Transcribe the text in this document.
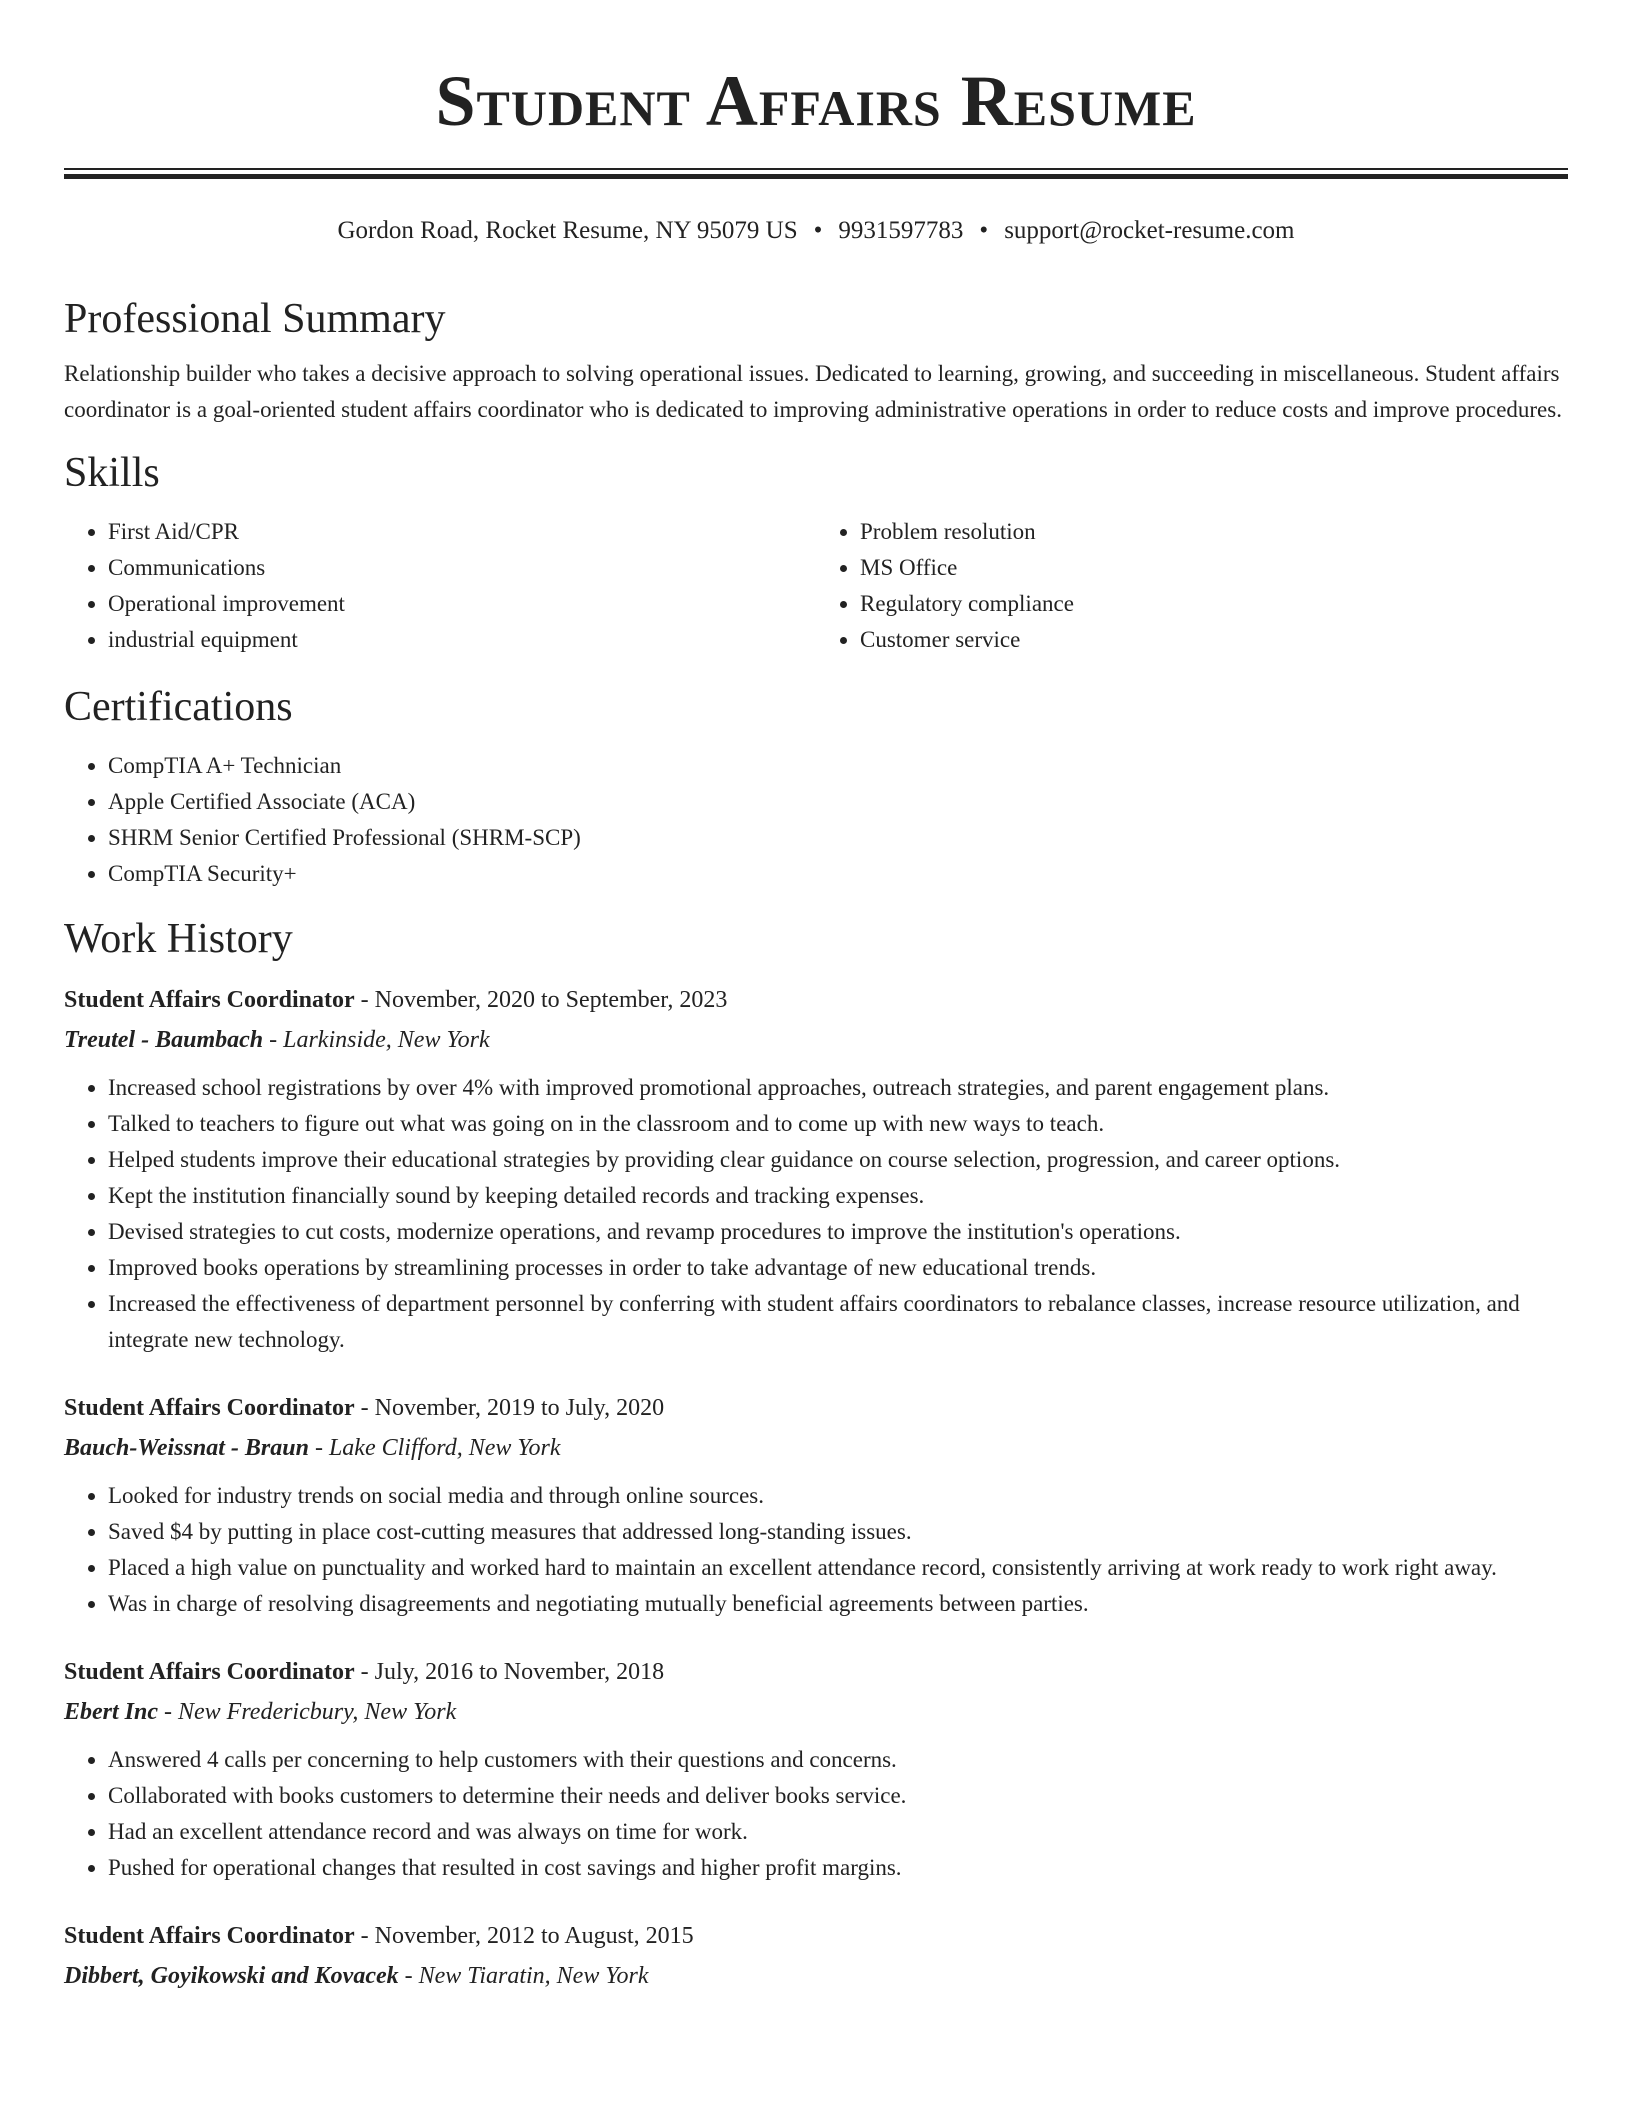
Student Affairs Resume
Gordon Road, Rocket Resume, NY 95079 US • 9931597783 • support@rocket-resume.com
Professional Summary

Relationship builder who takes a decisive approach to solving operational issues. Dedicated to learning, growing, and succeeding in miscellaneous. Student affairs coordinator is a goal-oriented student affairs coordinator who is dedicated to improving administrative operations in order to reduce costs and improve procedures.

Skills
• First Aid/CPR
• Communications
• Operational improvement
• industrial equipment
• Problem resolution
• MS Office
• Regulatory compliance
• Customer service
Certifications
• CompTIA A+ Technician
• Apple Certified Associate (ACA)
• SHRM Senior Certified Professional (SHRM-SCP)
• CompTIA Security+
Work History
Student Affairs Coordinator - November, 2020 to September, 2023
Treutel - Baumbach - Larkinside, New York
• Increased school registrations by over 4% with improved promotional approaches, outreach strategies, and parent engagement plans.
• Talked to teachers to figure out what was going on in the classroom and to come up with new ways to teach.
• Helped students improve their educational strategies by providing clear guidance on course selection, progression, and career options.
• Kept the institution financially sound by keeping detailed records and tracking expenses.
• Devised strategies to cut costs, modernize operations, and revamp procedures to improve the institution's operations.
• Improved books operations by streamlining processes in order to take advantage of new educational trends.
• Increased the effectiveness of department personnel by conferring with student affairs coordinators to rebalance classes, increase resource utilization, and integrate new technology.
Student Affairs Coordinator - November, 2019 to July, 2020
Bauch-Weissnat - Braun - Lake Clifford, New York
• Looked for industry trends on social media and through online sources.
• Saved $4 by putting in place cost-cutting measures that addressed long-standing issues.
• Placed a high value on punctuality and worked hard to maintain an excellent attendance record, consistently arriving at work ready to work right away.
• Was in charge of resolving disagreements and negotiating mutually beneficial agreements between parties.
Student Affairs Coordinator - July, 2016 to November, 2018
Ebert Inc - New Fredericbury, New York
• Answered 4 calls per concerning to help customers with their questions and concerns.
• Collaborated with books customers to determine their needs and deliver books service.
• Had an excellent attendance record and was always on time for work.
• Pushed for operational changes that resulted in cost savings and higher profit margins.
Student Affairs Coordinator - November, 2012 to August, 2015
Dibbert, Goyikowski and Kovacek - New Tiaratin, New York
